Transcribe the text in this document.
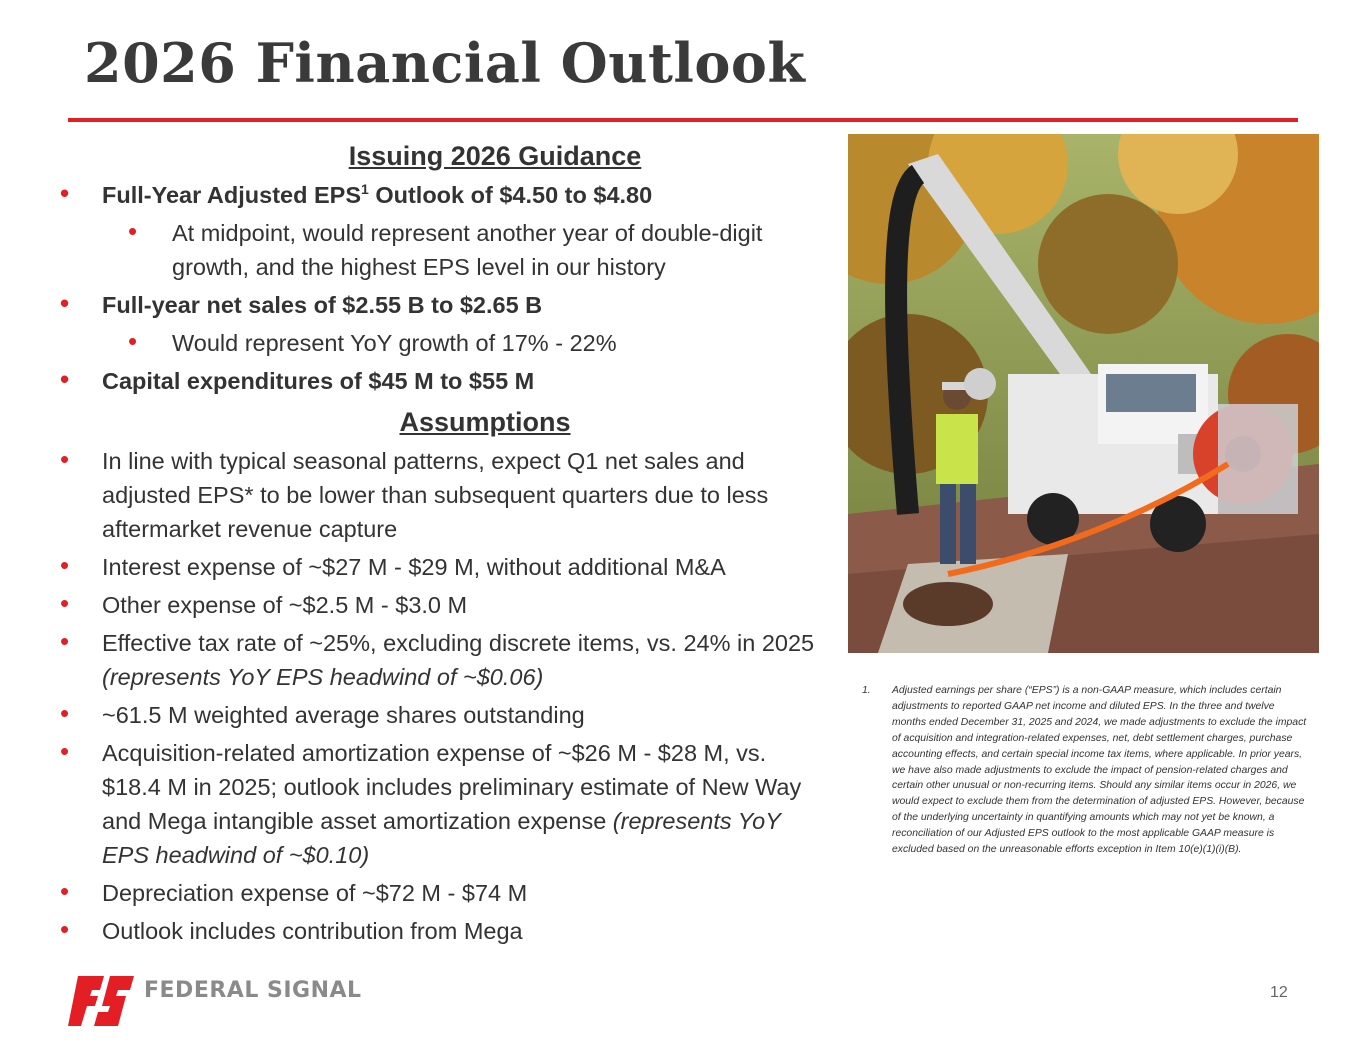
2026 Financial Outlook
Issuing 2026 Guidance
• Full-Year Adjusted EPS$^1$ Outlook of $4.50 to $4.80
• At midpoint, would represent another year of double-digit growth, and the highest EPS level in our history
• Full-year net sales of $2.55 B to $2.65 B
• Would represent YoY growth of 17% - 22%
• Capital expenditures of $45 M to $55 M
Assumptions
• In line with typical seasonal patterns, expect Q1 net sales and adjusted EPS* to be lower than subsequent quarters due to less aftermarket revenue capture
• Interest expense of ~$27 M - $29 M, without additional M&A
• Other expense of ~$2.5 M - $3.0 M
• Effective tax rate of ~25%, excluding discrete items, vs. 24% in 2025 (represents YoY EPS headwind of ~$0.06)
• ~61.5 M weighted average shares outstanding
• Acquisition-related amortization expense of ~$26 M - $28 M, vs. $18.4 M in 2025; outlook includes preliminary estimate of New Way and Mega intangible asset amortization expense (represents YoY EPS headwind of ~$0.10)
• Depreciation expense of ~$72 M - $74 M
• Outlook includes contribution from Mega
1. Adjusted earnings per share (“EPS”) is a non-GAAP measure, which includes certain adjustments to reported GAAP net income and diluted EPS. In the three and twelve months ended December 31, 2025 and 2024, we made adjustments to exclude the impact of acquisition and integration-related expenses, net, debt settlement charges, purchase accounting effects, and certain special income tax items, where applicable. In prior years, we have also made adjustments to exclude the impact of pension-related charges and certain other unusual or non-recurring items. Should any similar items occur in 2026, we would expect to exclude them from the determination of adjusted EPS. However, because of the underlying uncertainty in quantifying amounts which may not yet be known, a reconciliation of our Adjusted EPS outlook to the most applicable GAAP measure is excluded based on the unreasonable efforts exception in Item 10(e)(1)(i)(B).
FEDERAL SIGNAL	12
